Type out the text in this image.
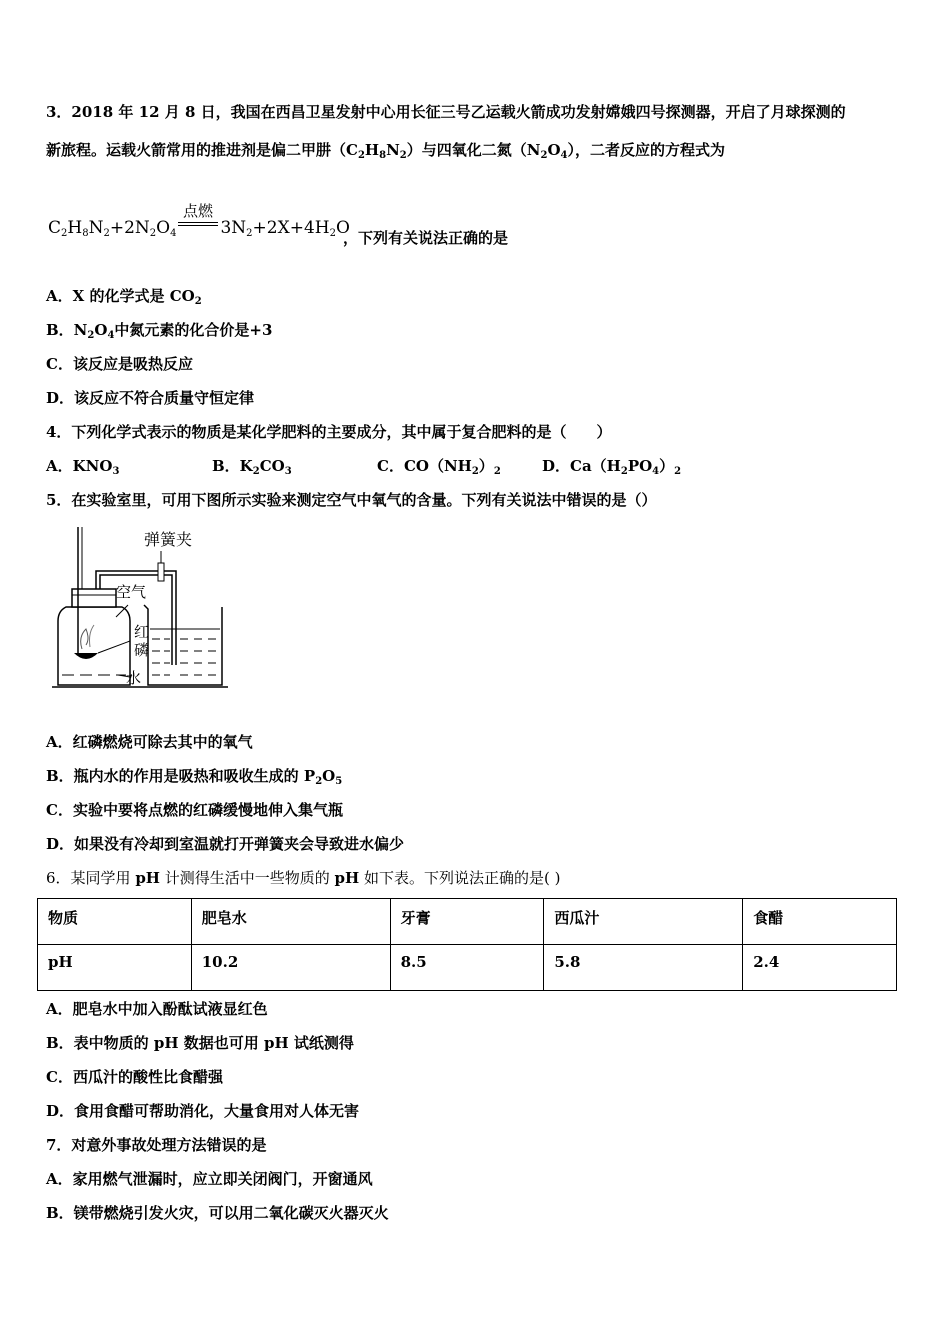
3．2018 年 12 月 8 日，我国在西昌卫星发射中心用长征三号乙运载火箭成功发射嫦娥四号探测器，开启了月球探测的
新旅程。运载火箭常用的推进剂是偏二甲肼$(C_2H_8N_2)$与四氧化二氮$(N_2O_4)$，二者反应的方程式为
点燃
$C_2H_8N_2+2N_2O_4$	$3N_2+2X+4H_2O$
，下列有关说法正确的是
A．X 的化学式是 $CO_2$
B．$N_2O_4$中氮元素的化合价是+3
C．该反应是吸热反应
D．该反应不符合质量守恒定律
4．下列化学式表示的物质是某化学肥料的主要成分，其中属于复合肥料的是（　　）
A．$KNO_3$	B．$K_2CO_3$	C．$CO(NH_2)_2$	D．$Ca(H_2PO_4)_2$
5．在实验室里，可用下图所示实验来测定空气中氧气的含量。下列有关说法中错误的是（）
弹簧夹
空气
红
磷
水
A．红磷燃烧可除去其中的氧气
B．瓶内水的作用是吸热和吸收生成的 $P_2O_5$
C．实验中要将点燃的红磷缓慢地伸入集气瓶
D．如果没有冷却到室温就打开弹簧夹会导致进水偏少
6．某同学用 pH 计测得生活中一些物质的 pH 如下表。下列说法正确的是( )
物质	肥皂水	牙膏	西瓜汁	食醋
pH	10.2	8.5	5.8	2.4
A．肥皂水中加入酚酞试液显红色
B．表中物质的 pH 数据也可用 pH 试纸测得
C．西瓜汁的酸性比食醋强
D．食用食醋可帮助消化，大量食用对人体无害
7．对意外事故处理方法错误的是
A．家用燃气泄漏时，应立即关闭阀门，开窗通风
B．镁带燃烧引发火灾，可以用二氧化碳灭火器灭火
